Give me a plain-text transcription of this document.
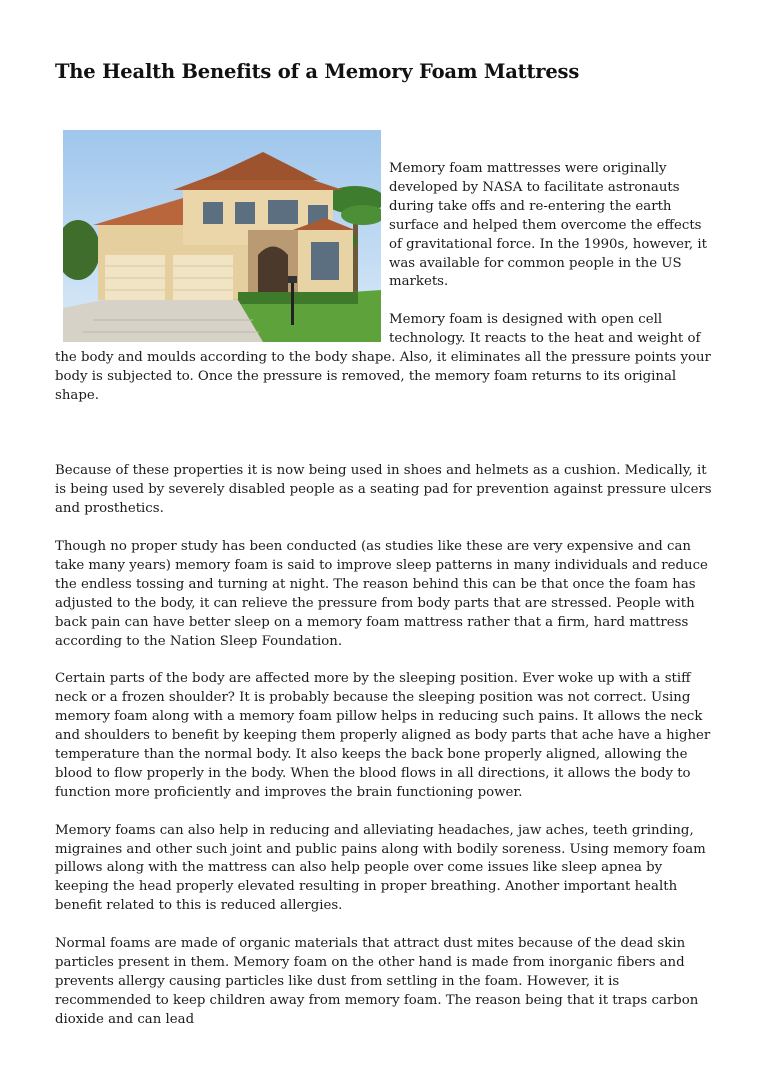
The Health Benefits of a Memory Foam Mattress

Memory foam mattresses were originally developed by NASA to facilitate astronauts during take offs and re-entering the earth surface and helped them overcome the effects of gravitational force. In the 1990s, however, it was available for common people in the US markets.

Memory foam is designed with open cell technology. It reacts to the heat and weight of the body and moulds according to the body shape. Also, it eliminates all the pressure points your body is subjected to. Once the pressure is removed, the memory foam returns to its original shape.

Because of these properties it is now being used in shoes and helmets as a cushion. Medically, it is being used by severely disabled people as a seating pad for prevention against pressure ulcers and prosthetics.

Though no proper study has been conducted (as studies like these are very expensive and can take many years) memory foam is said to improve sleep patterns in many individuals and reduce the endless tossing and turning at night. The reason behind this can be that once the foam has adjusted to the body, it can relieve the pressure from body parts that are stressed. People with back pain can have better sleep on a memory foam mattress rather that a firm, hard mattress according to the Nation Sleep Foundation.

Certain parts of the body are affected more by the sleeping position. Ever woke up with a stiff neck or a frozen shoulder? It is probably because the sleeping position was not correct. Using memory foam along with a memory foam pillow helps in reducing such pains. It allows the neck and shoulders to benefit by keeping them properly aligned as body parts that ache have a higher temperature than the normal body. It also keeps the back bone properly aligned, allowing the blood to flow properly in the body. When the blood flows in all directions, it allows the body to function more proficiently and improves the brain functioning power.

Memory foams can also help in reducing and alleviating headaches, jaw aches, teeth grinding, migraines and other such joint and public pains along with bodily soreness. Using memory foam pillows along with the mattress can also help people over come issues like sleep apnea by keeping the head properly elevated resulting in proper breathing. Another important health benefit related to this is reduced allergies.

Normal foams are made of organic materials that attract dust mites because of the dead skin particles present in them. Memory foam on the other hand is made from inorganic fibers and prevents allergy causing particles like dust from settling in the foam. However, it is recommended to keep children away from memory foam. The reason being that it traps carbon dioxide and can lead
